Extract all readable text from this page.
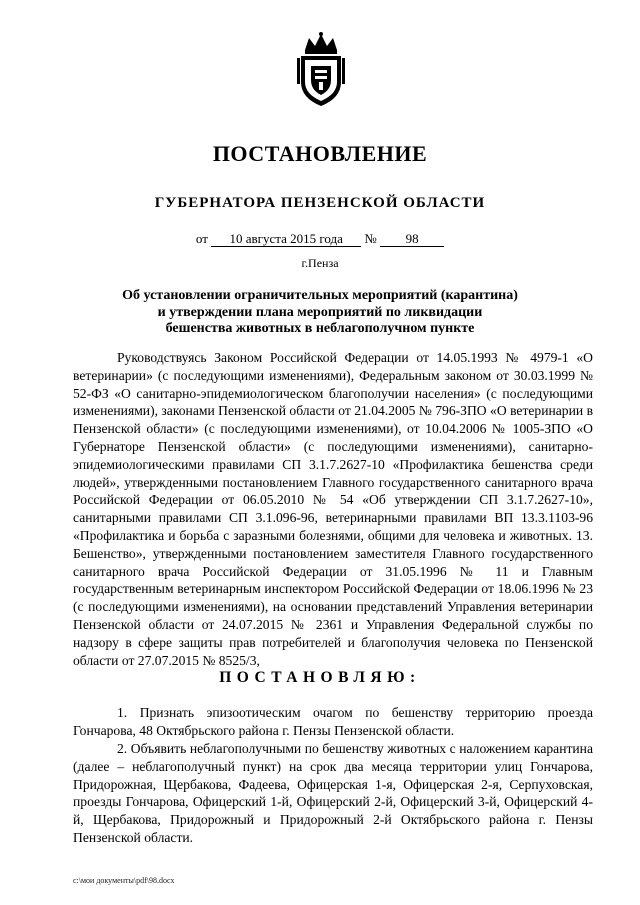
ПОСТАНОВЛЕНИЕ
ГУБЕРНАТОРА ПЕНЗЕНСКОЙ ОБЛАСТИ
от 10 августа 2015 года № 98
г.Пенза
Об установлении ограничительных мероприятий (карантина)
и утверждении плана мероприятий по ликвидации
бешенства животных в неблагополучном пункте

Руководствуясь Законом Российской Федерации от 14.05.1993 № 4979-1 «О ветеринарии» (с последующими изменениями), Федеральным законом от 30.03.1999 № 52-ФЗ «О санитарно-эпидемиологическом благополучии населения» (с последующими изменениями), законами Пензенской области от 21.04.2005 № 796-ЗПО «О ветеринарии в Пензенской области» (с последующими изменениями), от 10.04.2006 № 1005-ЗПО «О Губернаторе Пензенской области» (с последующими изменениями), санитарно-эпидемиологическими правилами СП 3.1.7.2627-10 «Профилактика бешенства среди людей», утвержденными постановлением Главного государственного санитарного врача Российской Федерации от 06.05.2010 № 54 «Об утверждении СП 3.1.7.2627-10», санитарными правилами СП 3.1.096-96, ветеринарными правилами ВП 13.3.1103-96 «Профилактика и борьба с заразными болезнями, общими для человека и животных. 13. Бешенство», утвержденными постановлением заместителя Главного государственного санитарного врача Российской Федерации от 31.05.1996 № 11 и Главным государственным ветеринарным инспектором Российской Федерации от 18.06.1996 № 23 (с последующими изменениями), на основании представлений Управления ветеринарии Пензенской области от 24.07.2015 № 2361 и Управления Федеральной службы по надзору в сфере защиты прав потребителей и благополучия человека по Пензенской области от 27.07.2015 № 8525/3,

ПОСТАНОВЛЯЮ:

1. Признать эпизоотическим очагом по бешенству территорию проезда Гончарова, 48 Октябрьского района г. Пензы Пензенской области.

2. Объявить неблагополучными по бешенству животных с наложением карантина (далее – неблагополучный пункт) на срок два месяца территории улиц Гончарова, Придорожная, Щербакова, Фадеева, Офицерская 1-я, Офицерская 2-я, Серпуховская, проезды Гончарова, Офицерский 1-й, Офицерский 2-й, Офицерский 3-й, Офицерский 4-й, Щербакова, Придорожный и Придорожный 2-й Октябрьского района г. Пензы Пензенской области.

c:\мои документы\pdf\98.docx
